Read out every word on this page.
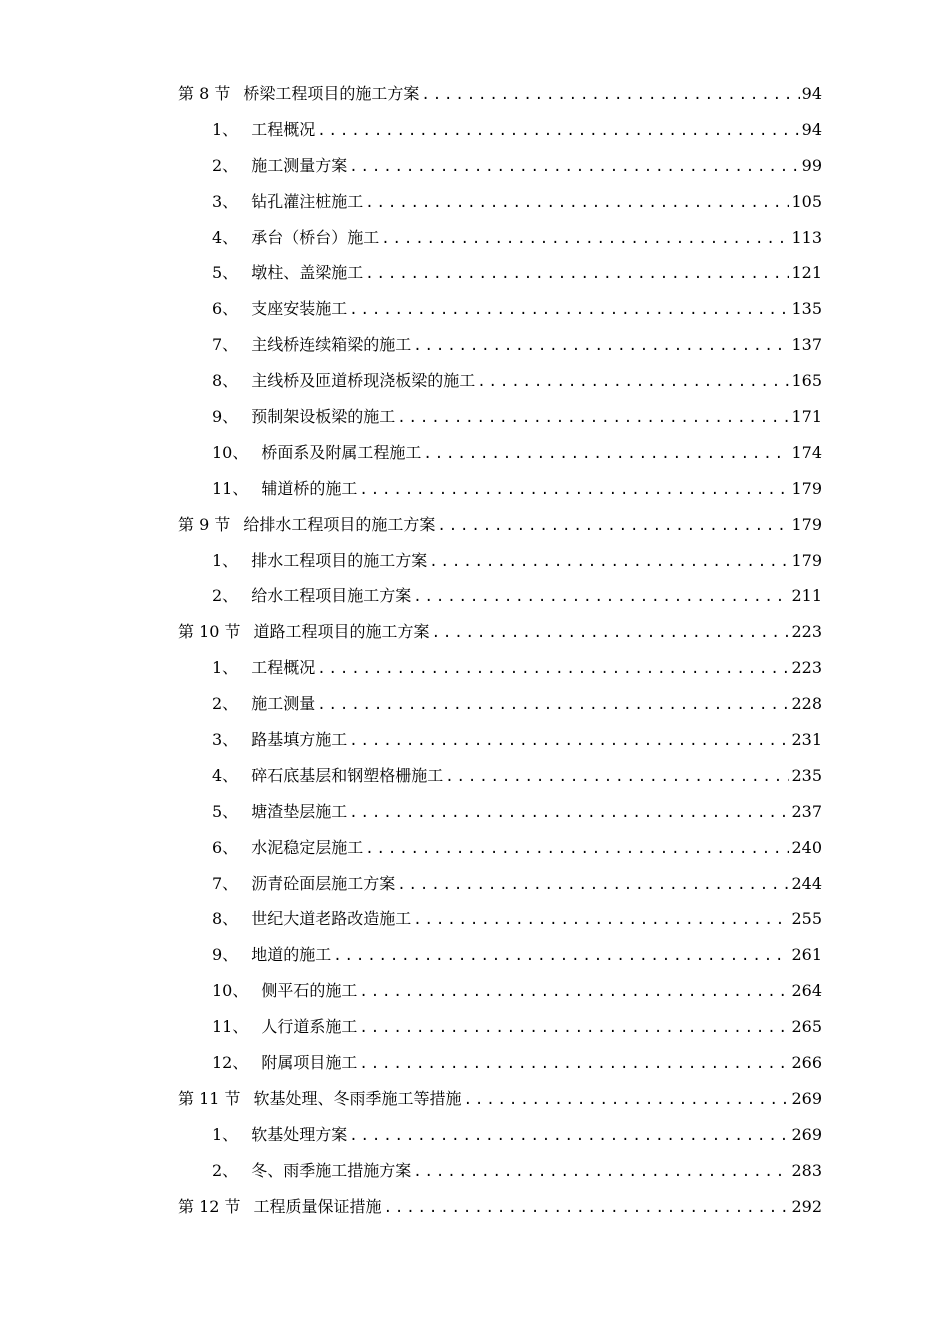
第 8 节 桥梁工程项目的施工方案 .....	94
1、 工程概况 .....	94
2、 施工测量方案 .....	99
3、 钻孔灌注桩施工 .....	105
4、 承台（桥台）施工 .....	113
5、 墩柱、盖梁施工 .....	121
6、 支座安装施工 .....	135
7、 主线桥连续箱梁的施工 .....	137
8、 主线桥及匝道桥现浇板梁的施工 .....	165
9、 预制架设板梁的施工 .....	171
10、 桥面系及附属工程施工 .....	174
11、 辅道桥的施工 .....	179
第 9 节 给排水工程项目的施工方案 .....	179
1、 排水工程项目的施工方案 .....	179
2、 给水工程项目施工方案 .....	211
第 10 节 道路工程项目的施工方案 .....	223
1、 工程概况 .....	223
2、 施工测量 .....	228
3、 路基填方施工 .....	231
4、 碎石底基层和钢塑格栅施工 .....	235
5、 塘渣垫层施工 .....	237
6、 水泥稳定层施工 .....	240
7、 沥青砼面层施工方案 .....	244
8、 世纪大道老路改造施工 .....	255
9、 地道的施工 .....	261
10、 侧平石的施工 .....	264
11、 人行道系施工 .....	265
12、 附属项目施工 .....	266
第 11 节 软基处理、冬雨季施工等措施 .....	269
1、 软基处理方案 .....	269
2、 冬、雨季施工措施方案 .....	283
第 12 节 工程质量保证措施 .....	292
